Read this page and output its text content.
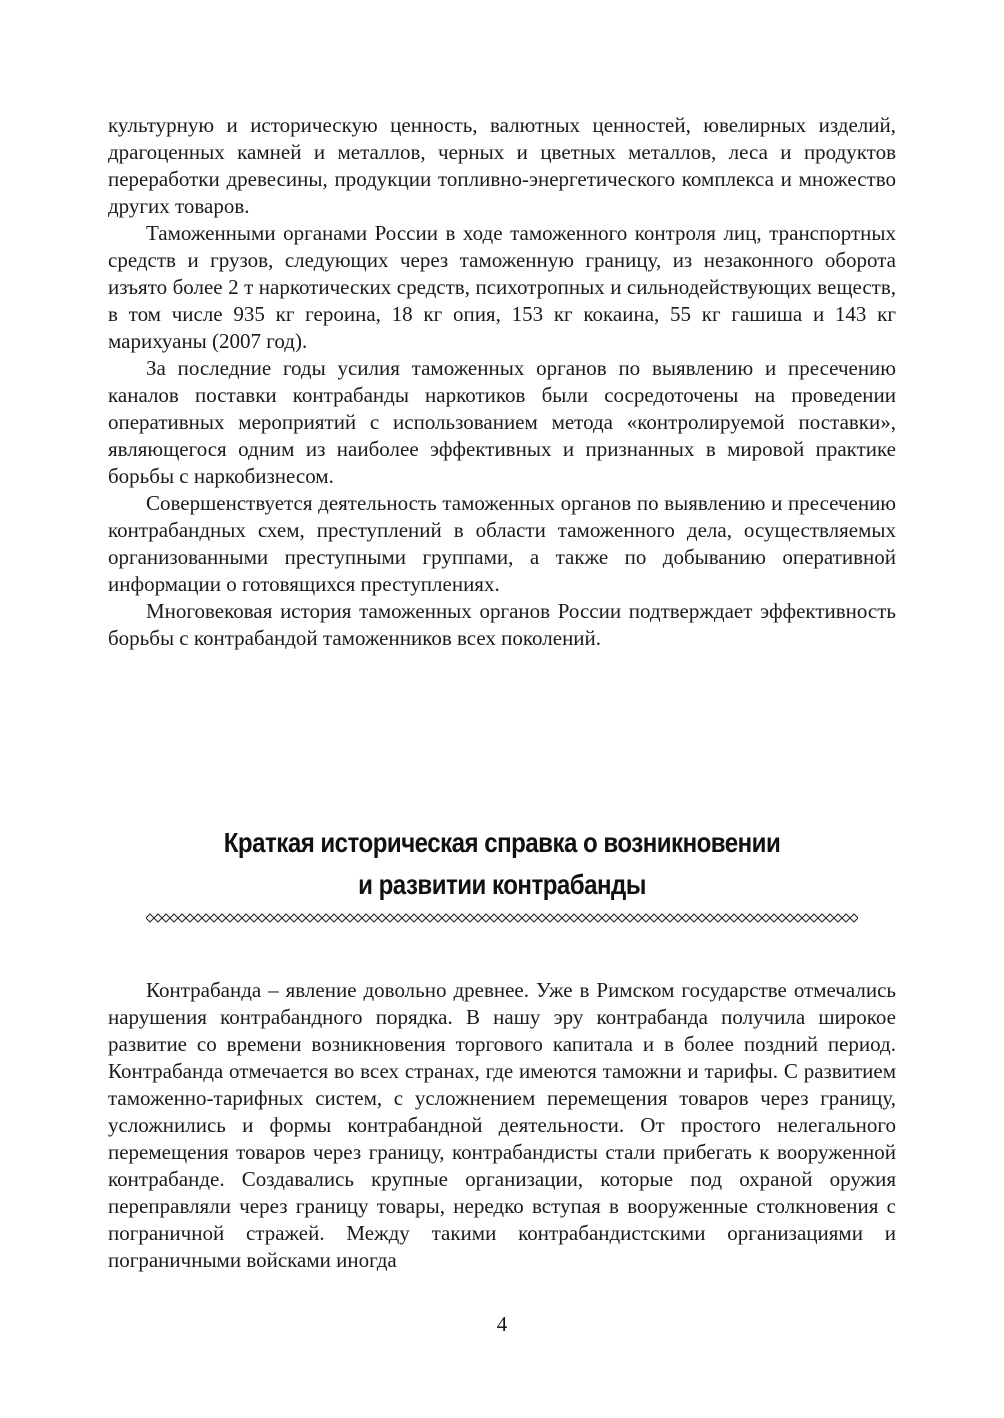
культурную и историческую ценность, валютных ценностей, ювелирных изделий, драгоценных камней и металлов, черных и цветных металлов, леса и продуктов переработки древесины, продукции топливно-энергетического комплекса и множество других товаров.

Таможенными органами России в ходе таможенного контроля лиц, транспортных средств и грузов, следующих через таможенную границу, из незаконного оборота изъято более 2 т наркотических средств, психотропных и сильнодействующих веществ, в том числе 935 кг героина, 18 кг опия, 153 кг кокаина, 55 кг гашиша и 143 кг марихуаны (2007 год).

За последние годы усилия таможенных органов по выявлению и пресечению каналов поставки контрабанды наркотиков были сосредоточены на проведении оперативных мероприятий с использованием метода «контролируемой поставки», являющегося одним из наиболее эффективных и признанных в мировой практике борьбы с наркобизнесом.

Совершенствуется деятельность таможенных органов по выявлению и пресечению контрабандных схем, преступлений в области таможенного дела, осуществляемых организованными преступными группами, а также по добыванию оперативной информации о готовящихся преступлениях.

Многовековая история таможенных органов России подтверждает эффективность борьбы с контрабандой таможенников всех поколений.

Краткая историческая справка о возникновении
и развитии контрабанды

Контрабанда – явление довольно древнее. Уже в Римском государстве отмечались нарушения контрабандного порядка. В нашу эру контрабанда получила широкое развитие со времени возникновения торгового капитала и в более поздний период. Контрабанда отмечается во всех странах, где имеются таможни и тарифы. С развитием таможенно-тарифных систем, с усложнением перемещения товаров через границу, усложнились и формы контрабандной деятельности. От простого нелегального перемещения товаров через границу, контрабандисты стали прибегать к вооруженной контрабанде. Создавались крупные организации, которые под охраной оружия переправляли через границу товары, нередко вступая в вооруженные столкновения с пограничной стражей. Между такими контрабандистскими организациями и пограничными войсками иногда

4
